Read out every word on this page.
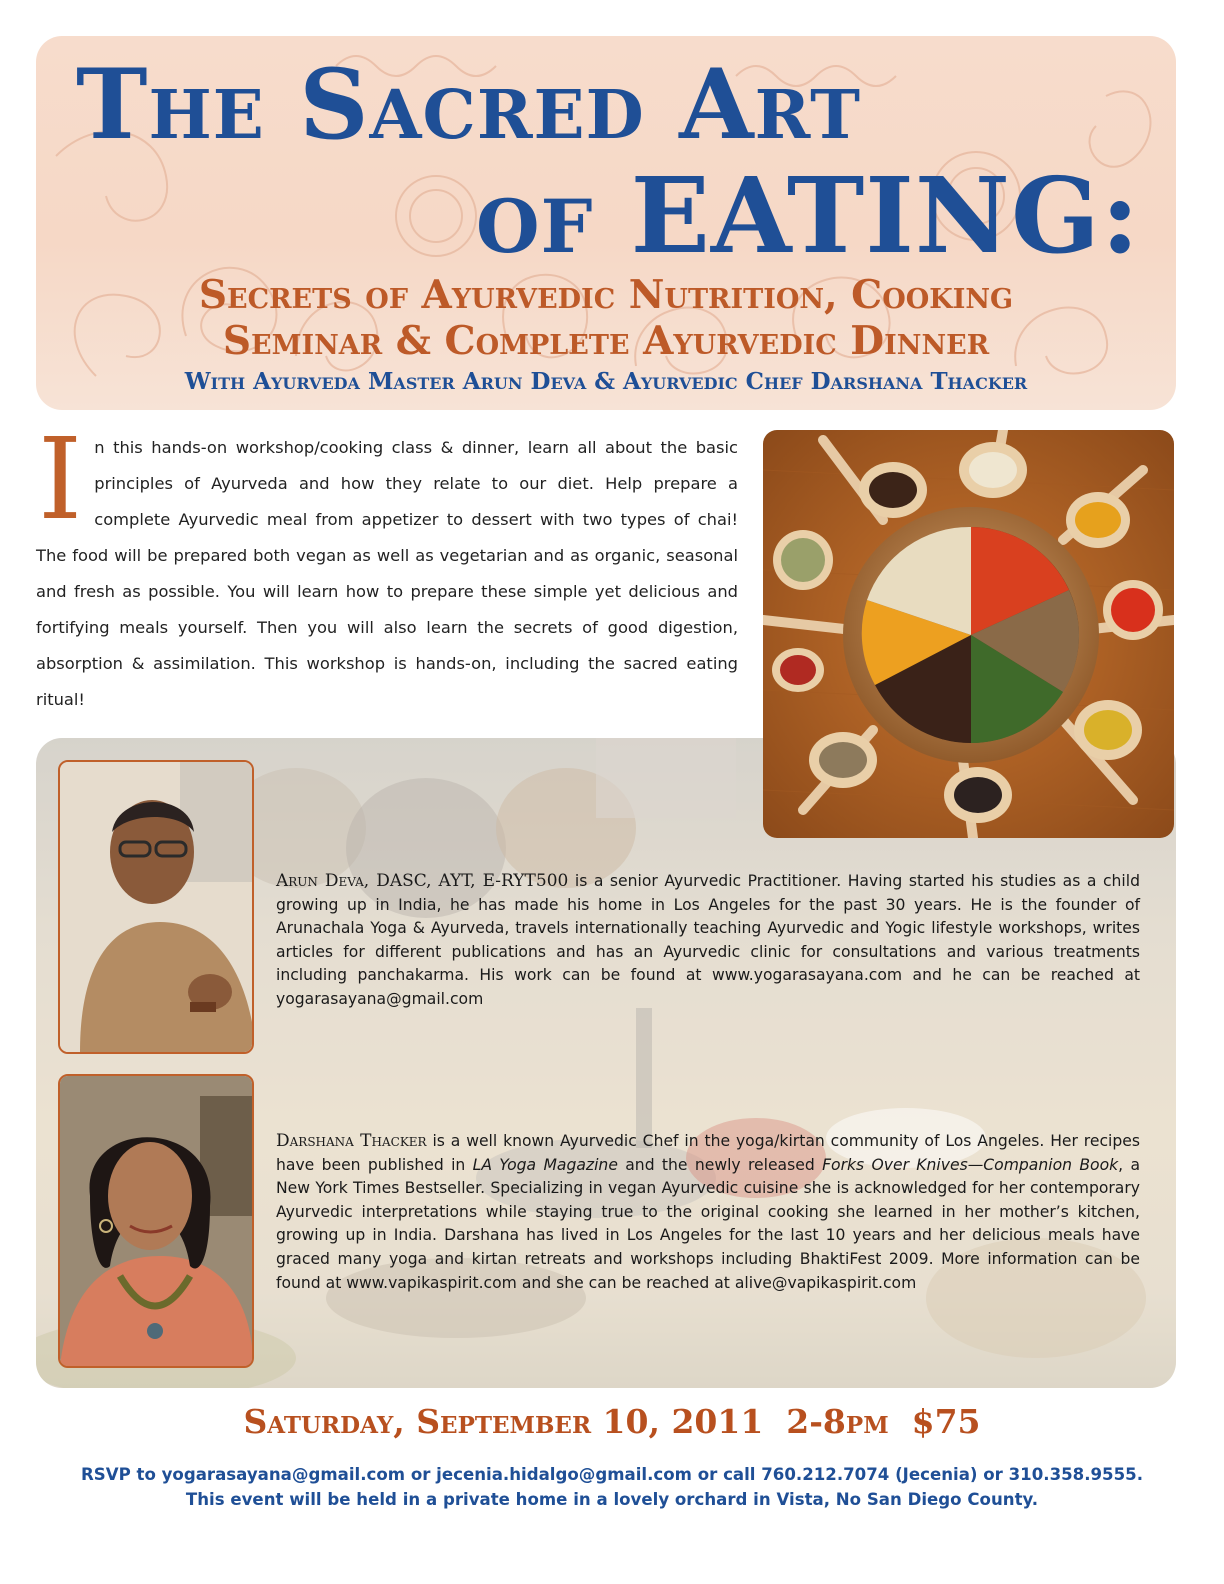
The Sacred Art
of EATING:
Secrets of Ayurvedic Nutrition, Cooking
Seminar & Complete Ayurvedic Dinner
With Ayurveda Master Arun Deva & Ayurvedic Chef Darshana Thacker
I n this hands-on workshop/cooking class & dinner, learn all about the basic principles of Ayurveda and how they relate to our diet. Help prepare a complete Ayurvedic meal from appetizer to dessert with two types of chai! The food will be prepared both vegan as well as vegetarian and as organic, seasonal and fresh as possible. You will learn how to prepare these simple yet delicious and fortifying meals yourself. Then you will also learn the secrets of good digestion, absorption & assimilation. This workshop is hands-on, including the sacred eating ritual!

Arun Deva, DASC, AYT, E-RYT500 is a senior Ayurvedic Practitioner. Having started his studies as a child growing up in India, he has made his home in Los Angeles for the past 30 years. He is the founder of Arunachala Yoga & Ayurveda, travels internationally teaching Ayurvedic and Yogic lifestyle workshops, writes articles for different publications and has an Ayurvedic clinic for consultations and various treatments including panchakarma. His work can be found at www.yogarasayana.com and he can be reached at yogarasayana@gmail.com

Darshana Thacker is a well known Ayurvedic Chef in the yoga/kirtan community of Los Angeles. Her recipes have been published in LA Yoga Magazine and the newly released Forks Over Knives—Companion Book, a New York Times Bestseller. Specializing in vegan Ayurvedic cuisine she is acknowledged for her contemporary Ayurvedic interpretations while staying true to the original cooking she learned in her mother’s kitchen, growing up in India. Darshana has lived in Los Angeles for the last 10 years and her delicious meals have graced many yoga and kirtan retreats and workshops including BhaktiFest 2009. More information can be found at www.vapikaspirit.com and she can be reached at alive@vapikaspirit.com

Saturday, September 10, 2011  2-8pm  $75

RSVP to yogarasayana@gmail.com or jecenia.hidalgo@gmail.com or call 760.212.7074 (Jecenia) or 310.358.9555.

This event will be held in a private home in a lovely orchard in Vista, No San Diego County.
